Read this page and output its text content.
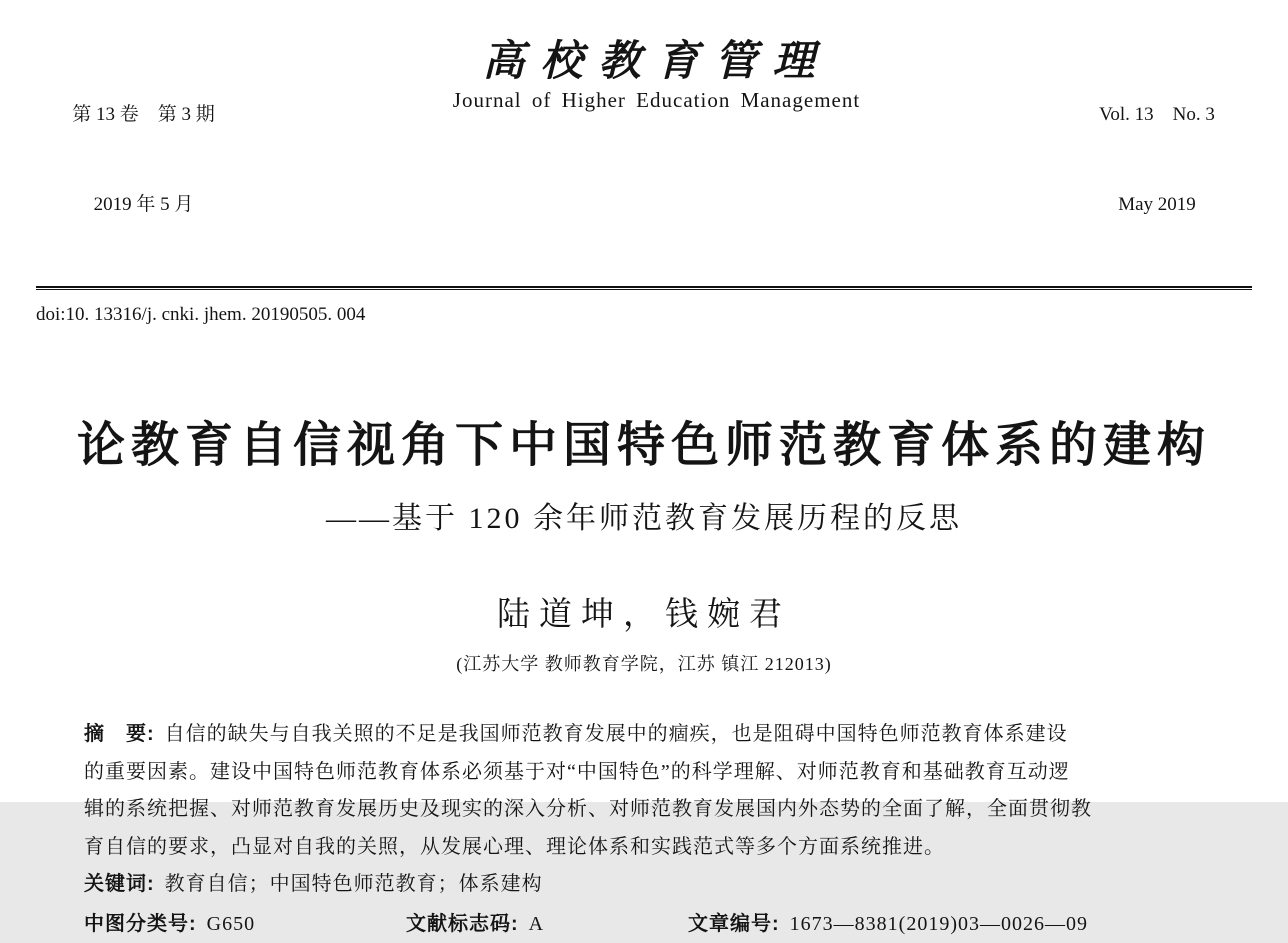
第 13 卷　第 3 期

2019 年 5 月

高校教育管理
Journal of Higher Education Management

Vol. 13　No. 3

May 2019

doi:10. 13316/j. cnki. jhem. 20190505. 004
论教育自信视角下中国特色师范教育体系的建构
——基于 120 余年师范教育发展历程的反思
陆道坤，钱婉君
(江苏大学 教师教育学院，江苏 镇江 212013)
摘　要: 自信的缺失与自我关照的不足是我国师范教育发展中的痼疾，也是阻碍中国特色师范教育体系建设
的重要因素。建设中国特色师范教育体系必须基于对“中国特色”的科学理解、对师范教育和基础教育互动逻
辑的系统把握、对师范教育发展历史及现实的深入分析、对师范教育发展国内外态势的全面了解，全面贯彻教
育自信的要求，凸显对自我的关照，从发展心理、理论体系和实践范式等多个方面系统推进。
关键词: 教育自信；中国特色师范教育；体系建构
中图分类号: G650	文献标志码: A	文章编号: 1673—8381(2019)03—0026—09
